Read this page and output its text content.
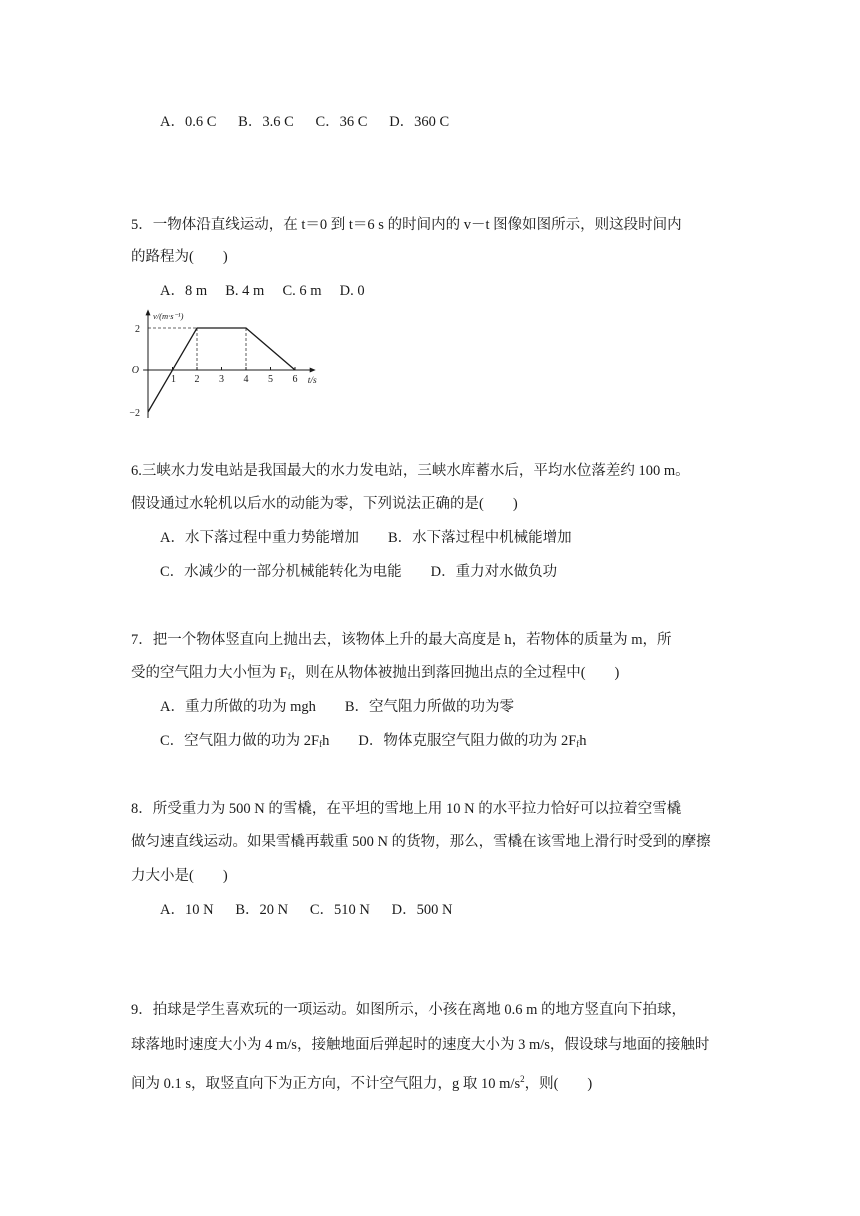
A．0.6 C　  B．3.6 C　  C．36 C　  D．360 C
5．一物体沿直线运动，在 t＝0 到 t＝6 s 的时间内的 v－t 图像如图所示，则这段时间内
的路程为(　　)
A．8 m　 B. 4 m　 C. 6 m　 D. 0
1 2 3 4 5 6
2
−2
O
v/(m·s⁻¹)
t/s
6.三峡水力发电站是我国最大的水力发电站，三峡水库蓄水后，平均水位落差约 100 m。
假设通过水轮机以后水的动能为零，下列说法正确的是(　　)
A．水下落过程中重力势能增加　　B．水下落过程中机械能增加
C．水减少的一部分机械能转化为电能　　D．重力对水做负功
7．把一个物体竖直向上抛出去，该物体上升的最大高度是 h，若物体的质量为 m，所
受的空气阻力大小恒为 $F_f$，则在从物体被抛出到落回抛出点的全过程中(　　)
A．重力所做的功为 mgh　　B．空气阻力所做的功为零
C．空气阻力做的功为 $2F_fh$　　D．物体克服空气阻力做的功为 $2F_fh$
8．所受重力为 500 N 的雪橇，在平坦的雪地上用 10 N 的水平拉力恰好可以拉着空雪橇
做匀速直线运动。如果雪橇再载重 500 N 的货物，那么，雪橇在该雪地上滑行时受到的摩擦
力大小是(　　)
A．10 N　  B．20 N　  C．510 N　  D．500 N
9．拍球是学生喜欢玩的一项运动。如图所示，小孩在离地 0.6 m 的地方竖直向下拍球，
球落地时速度大小为 4 m/s，接触地面后弹起时的速度大小为 3 m/s，假设球与地面的接触时
间为 0.1 s，取竖直向下为正方向，不计空气阻力，g 取 10 $m/s^2$，则(　　)
